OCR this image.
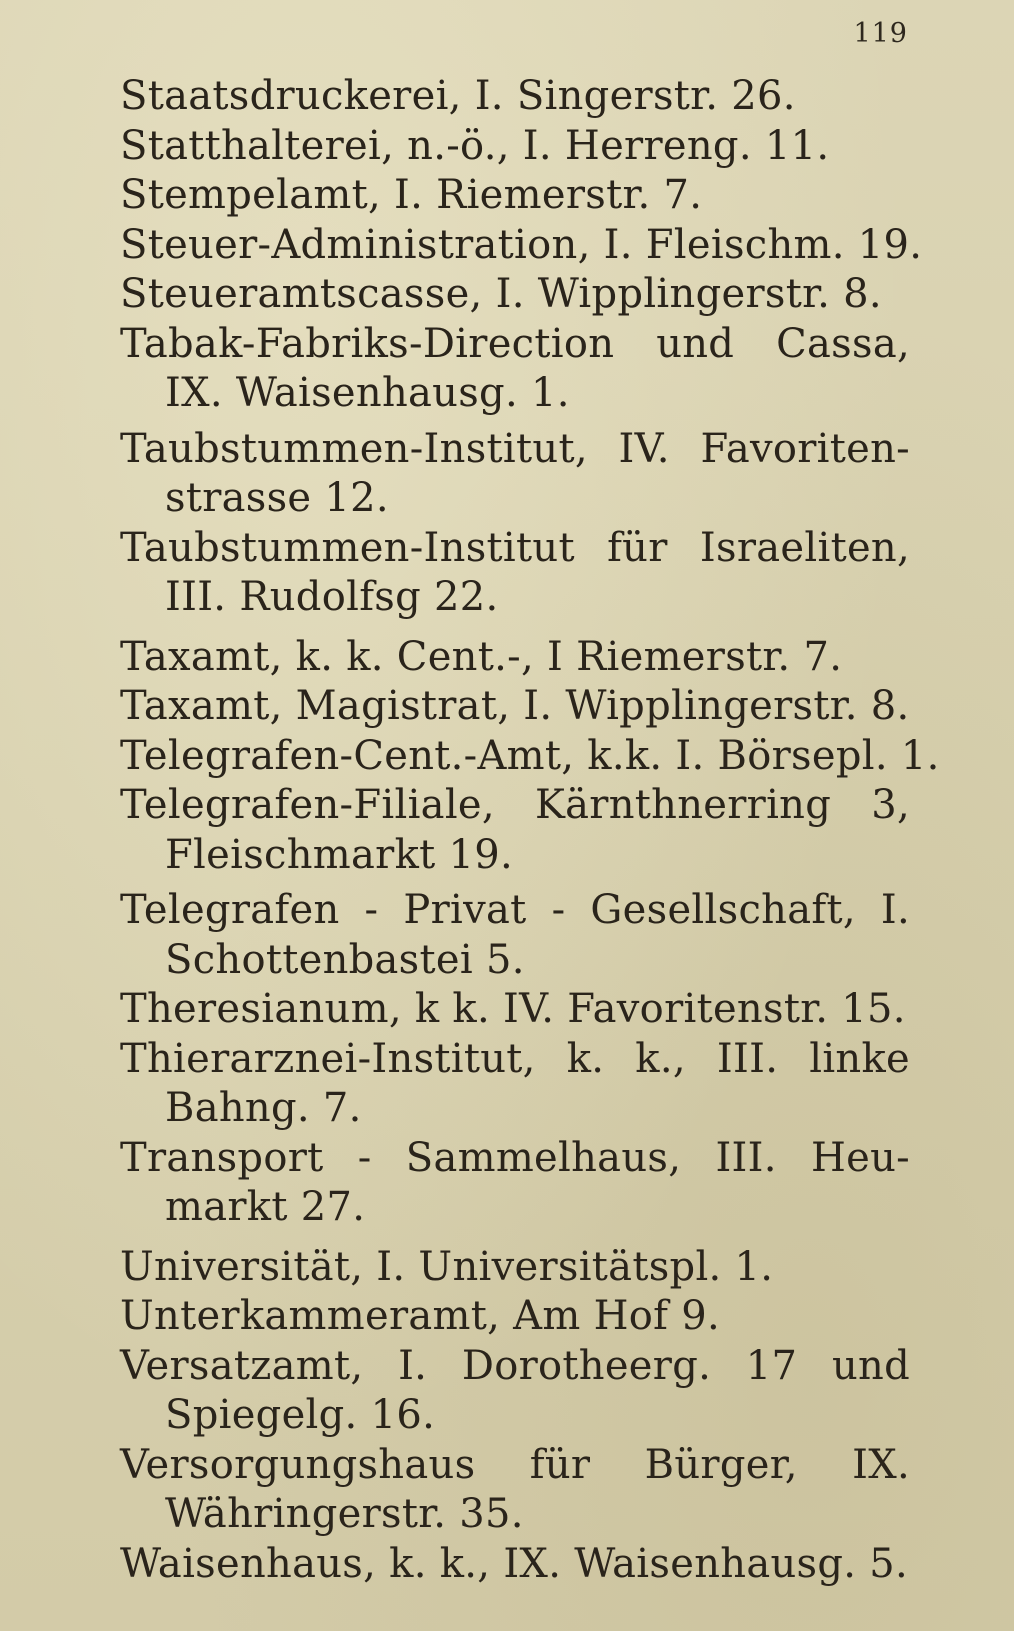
119
Staatsdruckerei, I. Singerstr. 26.
Statthalterei, n.-ö., I. Herreng. 11.
Stempelamt, I. Riemerstr. 7.
Steuer-Administration, I. Fleischm. 19.
Steueramtscasse, I. Wipplingerstr. 8.
Tabak-Fabriks-Direction und Cassa,
IX. Waisenhausg. 1.
Taubstummen-Institut, IV. Favoriten-
strasse 12.
Taubstummen-Institut für Israeliten,
III. Rudolfsg 22.
Taxamt, k. k. Cent.-, I Riemerstr. 7.
Taxamt, Magistrat, I. Wipplingerstr. 8.
Telegrafen-Cent.-Amt, k.k. I. Börsepl. 1.
Telegrafen-Filiale, Kärnthnerring 3,
Fleischmarkt 19.
Telegrafen - Privat - Gesellschaft, I.
Schottenbastei 5.
Theresianum, k k. IV. Favoritenstr. 15.
Thierarznei-Institut, k. k., III. linke
Bahng. 7.
Transport - Sammelhaus, III. Heu-
markt 27.
Universität, I. Universitätspl. 1.
Unterkammeramt, Am Hof 9.
Versatzamt, I. Dorotheerg. 17 und
Spiegelg. 16.
Versorgungshaus für Bürger, IX.
Währingerstr. 35.
Waisenhaus, k. k., IX. Waisenhausg. 5.
